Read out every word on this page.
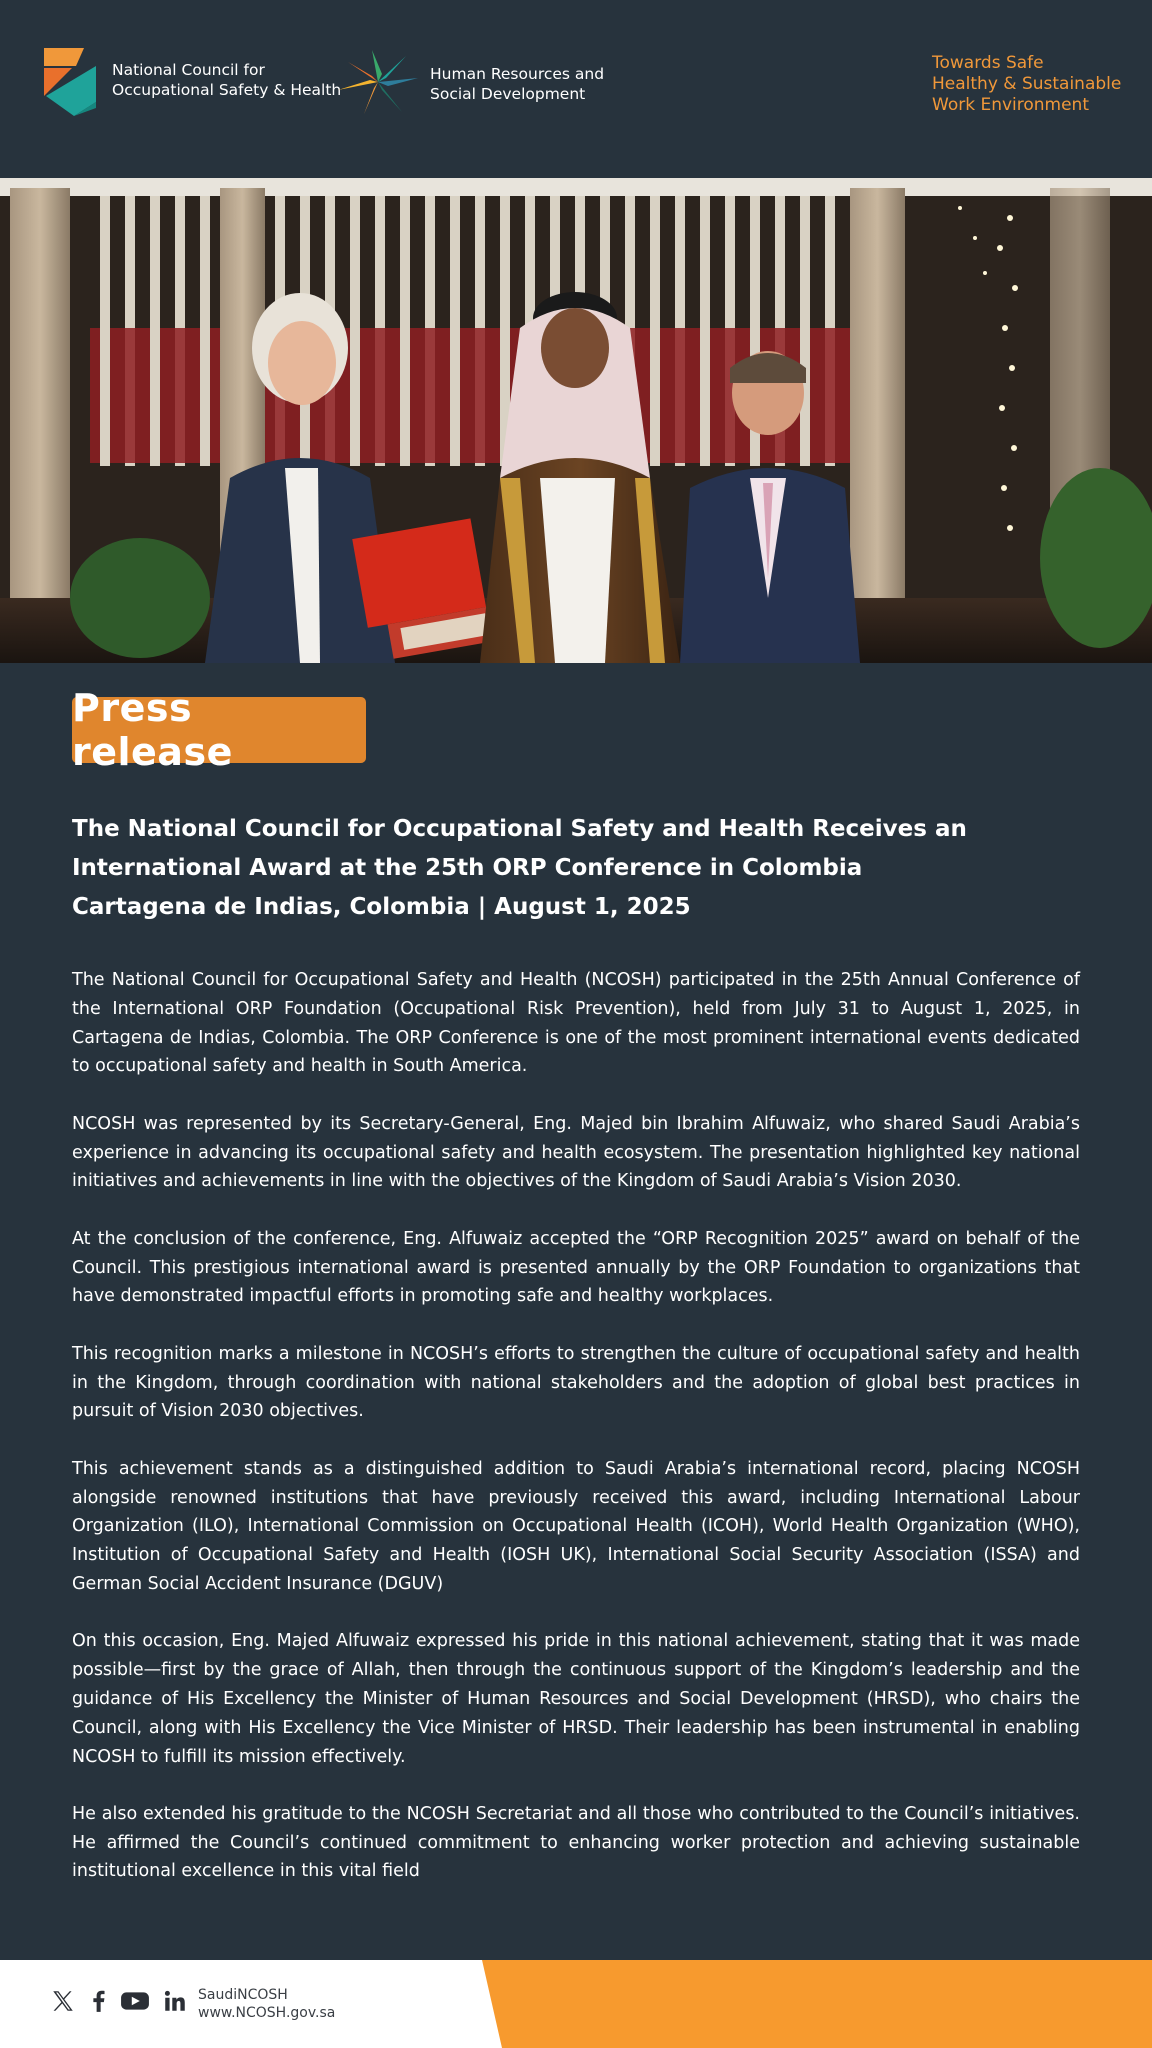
National Council for
Occupational Safety & Health
Human Resources and
Social Development
Towards Safe
Healthy & Sustainable
Work Environment
Press release
The National Council for Occupational Safety and Health Receives an International Award at the 25th ORP Conference in Colombia
Cartagena de Indias, Colombia | August 1, 2025

The National Council for Occupational Safety and Health (NCOSH) participated in the 25th Annual Conference of the International ORP Foundation (Occupational Risk Prevention), held from July 31 to August 1, 2025, in Cartagena de Indias, Colombia. The ORP Conference is one of the most prominent international events dedicated to occupational safety and health in South America.

NCOSH was represented by its Secretary-General, Eng. Majed bin Ibrahim Alfuwaiz, who shared Saudi Arabia’s experience in advancing its occupational safety and health ecosystem. The presentation highlighted key national initiatives and achievements in line with the objectives of the Kingdom of Saudi Arabia’s Vision 2030.

At the conclusion of the conference, Eng. Alfuwaiz accepted the “ORP Recognition 2025” award on behalf of the Council. This prestigious international award is presented annually by the ORP Foundation to organizations that have demonstrated impactful efforts in promoting safe and healthy workplaces.

This recognition marks a milestone in NCOSH’s efforts to strengthen the culture of occupational safety and health in the Kingdom, through coordination with national stakeholders and the adoption of global best practices in pursuit of Vision 2030 objectives.

This achievement stands as a distinguished addition to Saudi Arabia’s international record, placing NCOSH alongside renowned institutions that have previously received this award, including International Labour Organization (ILO), International Commission on Occupational Health (ICOH), World Health Organization (WHO), Institution of Occupational Safety and Health (IOSH UK), International Social Security Association (ISSA) and German Social Accident Insurance (DGUV)

On this occasion, Eng. Majed Alfuwaiz expressed his pride in this national achievement, stating that it was made possible—first by the grace of Allah, then through the continuous support of the Kingdom’s leadership and the guidance of His Excellency the Minister of Human Resources and Social Development (HRSD), who chairs the Council, along with His Excellency the Vice Minister of HRSD. Their leadership has been instrumental in enabling NCOSH to fulfill its mission effectively.

He also extended his gratitude to the NCOSH Secretariat and all those who contributed to the Council’s initiatives. He affirmed the Council’s continued commitment to enhancing worker protection and achieving sustainable institutional excellence in this vital field

SaudiNCOSH
www.NCOSH.gov.sa
